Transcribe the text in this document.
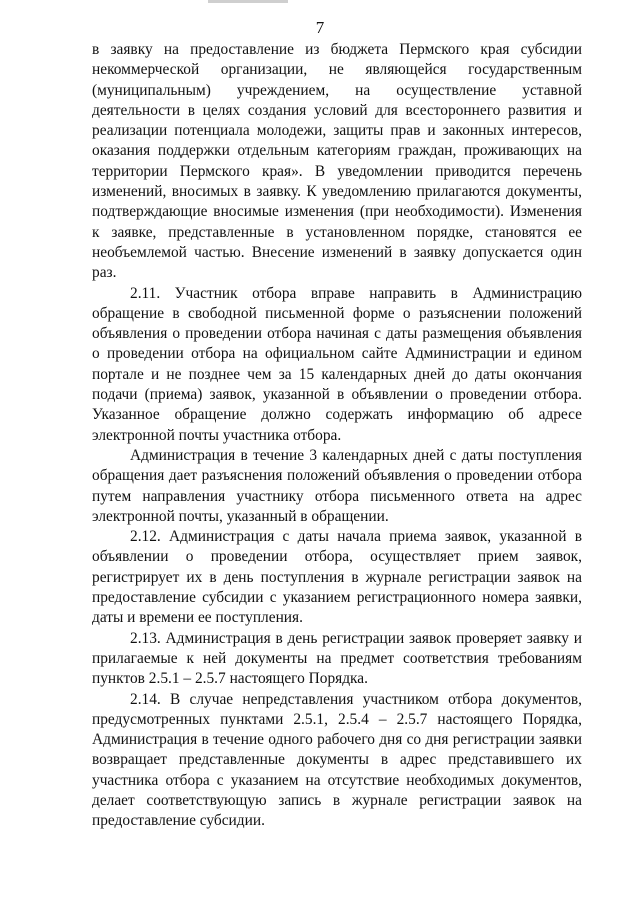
7

в заявку на предоставление из бюджета Пермского края субсидии некоммерческой организации, не являющейся государственным (муниципальным) учреждением, на осуществление уставной деятельности в целях создания условий для всестороннего развития и реализации потенциала молодежи, защиты прав и законных интересов, оказания поддержки отдельным категориям граждан, проживающих на территории Пермского края». В уведомлении приводится перечень изменений, вносимых в заявку. К уведомлению прилагаются документы, подтверждающие вносимые изменения (при необходимости). Изменения к заявке, представленные в установленном порядке, становятся ее необъемлемой частью. Внесение изменений в заявку допускается один раз.

2.11. Участник отбора вправе направить в Администрацию обращение в свободной письменной форме о разъяснении положений объявления о проведении отбора начиная с даты размещения объявления о проведении отбора на официальном сайте Администрации и едином портале и не позднее чем за 15 календарных дней до даты окончания подачи (приема) заявок, указанной в объявлении о проведении отбора. Указанное обращение должно содержать информацию об адресе электронной почты участника отбора.

Администрация в течение 3 календарных дней с даты поступления обращения дает разъяснения положений объявления о проведении отбора путем направления участнику отбора письменного ответа на адрес электронной почты, указанный в обращении.

2.12. Администрация с даты начала приема заявок, указанной в объявлении о проведении отбора, осуществляет прием заявок, регистрирует их в день поступления в журнале регистрации заявок на предоставление субсидии с указанием регистрационного номера заявки, даты и времени ее поступления.

2.13. Администрация в день регистрации заявок проверяет заявку и прилагаемые к ней документы на предмет соответствия требованиям пунктов 2.5.1 – 2.5.7 настоящего Порядка.

2.14. В случае непредставления участником отбора документов, предусмотренных пунктами 2.5.1, 2.5.4 – 2.5.7 настоящего Порядка, Администрация в течение одного рабочего дня со дня регистрации заявки возвращает представленные документы в адрес представившего их участника отбора с указанием на отсутствие необходимых документов, делает соответствующую запись в журнале регистрации заявок на предоставление субсидии.
